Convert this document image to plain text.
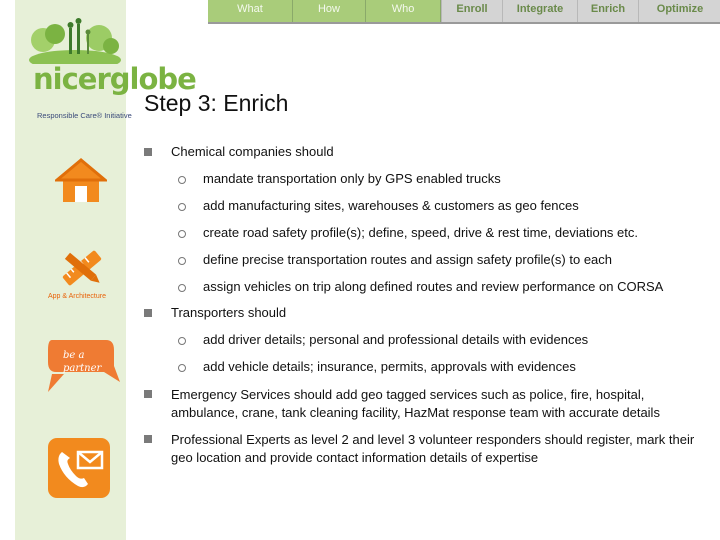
nicerglobe
Responsible Care® Initiative
App & Architecture
be a partner
What	How	Who	Enroll	Integrate	Enrich	Optimize
Step 3: Enrich
Chemical companies should
mandate transportation only by GPS enabled trucks
add manufacturing sites, warehouses & customers as geo fences
create road safety profile(s); define, speed, drive & rest time, deviations etc.
define precise transportation routes and assign safety profile(s) to each
assign vehicles on trip along defined routes and review performance on CORSA
Transporters should
add driver details; personal and professional details with evidences
add vehicle details; insurance, permits, approvals with evidences
Emergency Services should add geo tagged services such as police, fire, hospital, ambulance, crane, tank cleaning facility, HazMat response team with accurate details
Professional Experts as level 2 and level 3 volunteer responders should register, mark their geo location and provide contact information details of expertise
